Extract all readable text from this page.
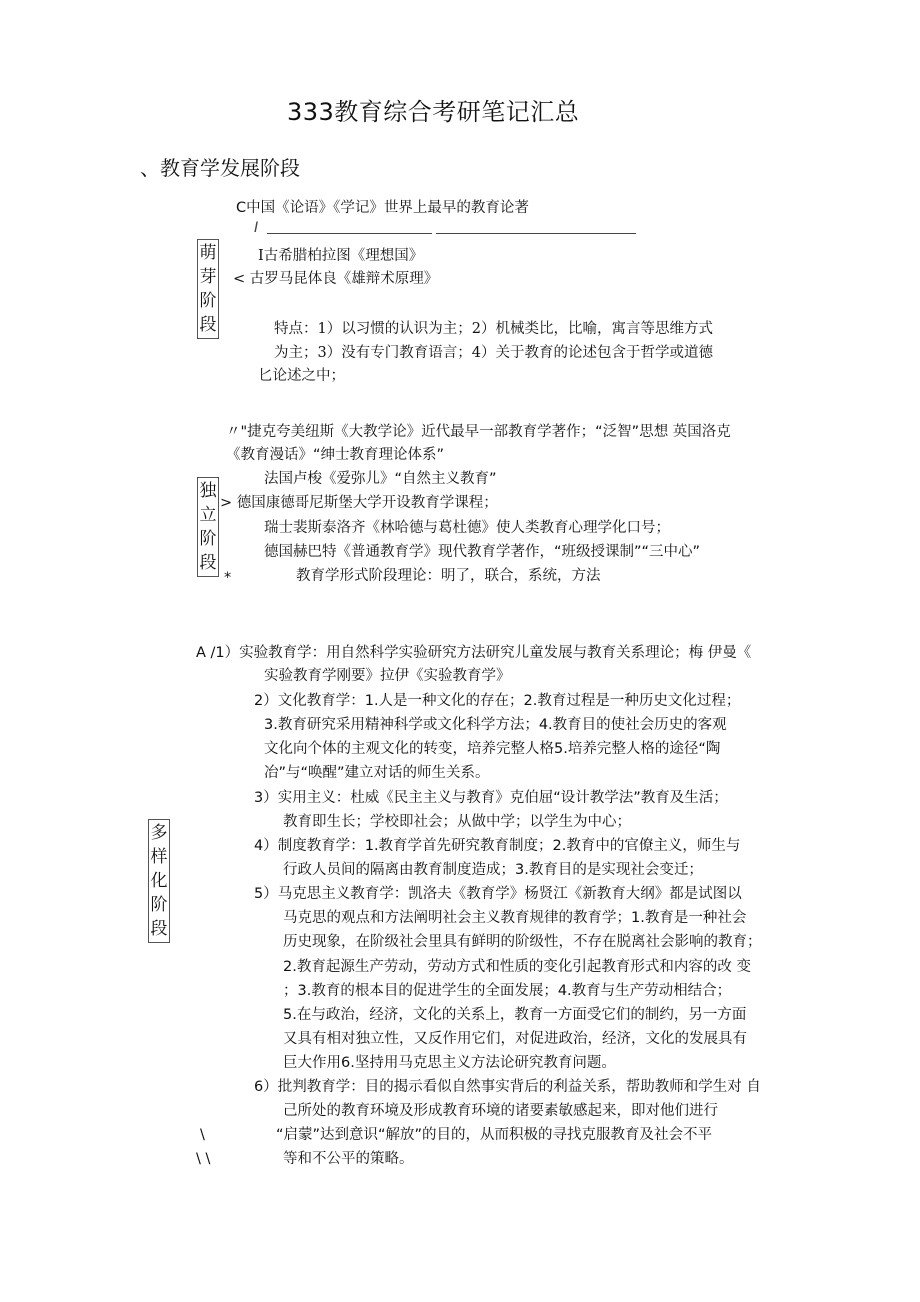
333教育综合考研笔记汇总
、教育学发展阶段
萌
芽
阶
段
C中国《论语》《学记》世界上最早的教育论著
I
I古希腊柏拉图《理想国》
< 古罗马昆体良《雄辩术原理》
特点：1）以习惯的认识为主；2）机械类比，比喻，寓言等思维方式
为主；3）没有专门教育语言；4）关于教育的论述包含于哲学或道德
匕论述之中；
独
立
阶
段
〃"捷克夸美纽斯《大教学论》近代最早一部教育学著作；“泛智”思想 英国洛克
《教育漫话》“绅士教育理论体系”
法国卢梭《爱弥儿》“自然主义教育”
> 德国康德哥尼斯堡大学开设教育学课程；
瑞士裴斯泰洛齐《林哈德与葛杜德》使人类教育心理学化口号；
德国赫巴特《普通教育学》现代教育学著作，“班级授课制”“三中心”
*	教育学形式阶段理论：明了，联合，系统，方法
多
样
化
阶
段
A /1）实验教育学：用自然科学实验研究方法研究儿童发展与教育关系理论；梅 伊曼《
实验教育学刚要》拉伊《实验教育学》
2）文化教育学：1.人是一种文化的存在；2.教育过程是一种历史文化过程；
3.教育研究采用精神科学或文化科学方法；4.教育目的使社会历史的客观
文化向个体的主观文化的转变，培养完整人格5.培养完整人格的途径“陶
冶”与“唤醒”建立对话的师生关系。
3）实用主义：杜威《民主主义与教育》克伯屈“设计教学法”教育及生活；
教育即生长；学校即社会；从做中学；以学生为中心；
4）制度教育学：1.教育学首先研究教育制度；2.教育中的官僚主义，师生与
行政人员间的隔离由教育制度造成；3.教育目的是实现社会变迁；
5）马克思主义教育学：凯洛夫《教育学》杨贤江《新教育大纲》都是试图以
马克思的观点和方法阐明社会主义教育规律的教育学；1.教育是一种社会
历史现象，在阶级社会里具有鲜明的阶级性，不存在脱离社会影响的教育；
2.教育起源生产劳动，劳动方式和性质的变化引起教育形式和内容的改 变
；3.教育的根本目的促进学生的全面发展；4.教育与生产劳动相结合；
5.在与政治，经济，文化的关系上，教育一方面受它们的制约，另一方面
又具有相对独立性，又反作用它们，对促进政治，经济，文化的发展具有
巨大作用6.坚持用马克思主义方法论研究教育问题。
6）批判教育学：目的揭示看似自然事实背后的利益关系，帮助教师和学生对 自
己所处的教育环境及形成教育环境的诸要素敏感起来，即对他们进行
“启蒙”达到意识“解放”的目的，从而积极的寻找克服教育及社会不平
等和不公平的策略。
\
\ \
